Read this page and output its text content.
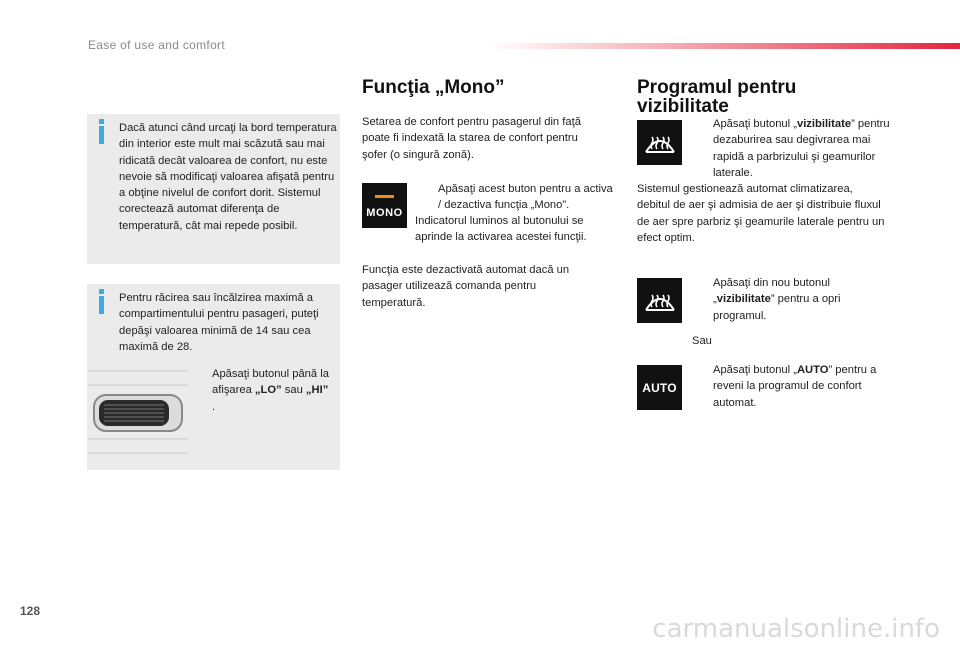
Ease of use and comfort
Dacă atunci când urcaţi la bord temperatura din interior este mult mai scăzută sau mai ridicată decât valoarea de confort, nu este nevoie să modificaţi valoarea afişată pentru a obţine nivelul de confort dorit. Sistemul corectează automat diferenţa de temperatură, cât mai repede posibil.
Pentru răcirea sau încălzirea maximă a compartimentului pentru pasageri, puteţi depăşi valoarea minimă de 14 sau cea maximă de 28.
Apăsaţi butonul până la afişarea „LO” sau „HI” .
Funcţia „Mono”
Setarea de confort pentru pasagerul din faţă poate fi indexată la starea de confort pentru şofer (o singură zonă).
MONO
Apăsaţi acest buton pentru a activa / dezactiva funcţia „Mono”.
Indicatorul luminos al butonului se aprinde la activarea acestei funcţii.
Funcţia este dezactivată automat dacă un pasager utilizează comanda pentru temperatură.
Programul pentru
vizibilitate
Apăsaţi butonul „vizibilitate” pentru dezaburirea sau degivrarea mai rapidă a parbrizului şi geamurilor laterale.
Sistemul gestionează automat climatizarea, debitul de aer şi admisia de aer şi distribuie fluxul de aer spre parbriz şi geamurile laterale pentru un efect optim.
Apăsaţi din nou butonul „vizibilitate” pentru a opri programul.
Sau
AUTO
Apăsaţi butonul „AUTO” pentru a reveni la programul de confort automat.
128
carmanualsonline.info
